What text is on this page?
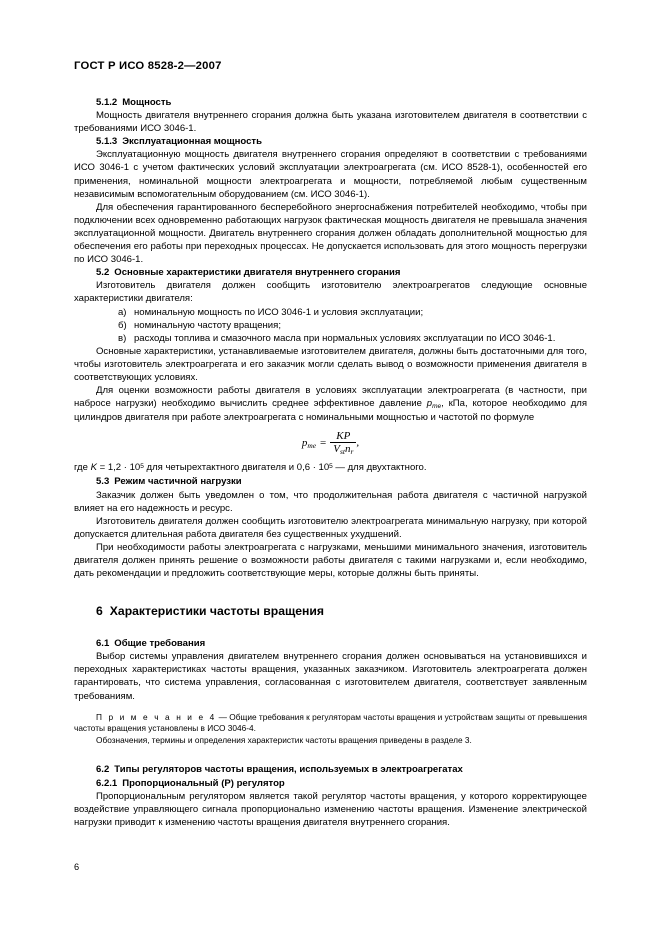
ГОСТ Р ИСО 8528-2—2007
5.1.2 Мощность

Мощность двигателя внутреннего сгорания должна быть указана изготовителем двигателя в соответствии с требованиями ИСО 3046-1.

5.1.3 Эксплуатационная мощность

Эксплуатационную мощность двигателя внутреннего сгорания определяют в соответствии с требованиями ИСО 3046-1 с учетом фактических условий эксплуатации электроагрегата (см. ИСО 8528-1), особенностей его применения, номинальной мощности электроагрегата и мощности, потребляемой любым существенным независимым вспомогательным оборудованием (см. ИСО 3046-1).

Для обеспечения гарантированного бесперебойного энергоснабжения потребителей необходимо, чтобы при подключении всех одновременно работающих нагрузок фактическая мощность двигателя не превышала значения эксплуатационной мощности. Двигатель внутреннего сгорания должен обладать дополнительной мощностью для обеспечения его работы при переходных процессах. Не допускается использовать для этого мощность перегрузки по ИСО 3046-1.

5.2 Основные характеристики двигателя внутреннего сгорания

Изготовитель двигателя должен сообщить изготовителю электроагрегатов следующие основные характеристики двигателя:

а) номинальную мощность по ИСО 3046-1 и условия эксплуатации;
б) номинальную частоту вращения;
в) расходы топлива и смазочного масла при нормальных условиях эксплуатации по ИСО 3046-1.

Основные характеристики, устанавливаемые изготовителем двигателя, должны быть достаточными для того, чтобы изготовитель электроагрегата и его заказчик могли сделать вывод о возможности применения двигателя в соответствующих условиях.

Для оценки возможности работы двигателя в условиях эксплуатации электроагрегата (в частности, при набросе нагрузки) необходимо вычислить среднее эффективное давление $p_{me}$, кПа, которое необходимо для цилиндров двигателя при работе электроагрегата с номинальными мощностью и частотой по формуле

$p_{me} = \frac{KP}{V_{st}n_r}$ ,

где $K = 1,2 \cdot 10^5$ для четырехтактного двигателя и $0,6 \cdot 10^5$ — для двухтактного.

5.3 Режим частичной нагрузки

Заказчик должен быть уведомлен о том, что продолжительная работа двигателя с частичной нагрузкой влияет на его надежность и ресурс.

Изготовитель двигателя должен сообщить изготовителю электроагрегата минимальную нагрузку, при которой допускается длительная работа двигателя без существенных ухудшений.

При необходимости работы электроагрегата с нагрузками, меньшими минимального значения, изготовитель двигателя должен принять решение о возможности работы двигателя с такими нагрузками и, если необходимо, дать рекомендации и предложить соответствующие меры, которые должны быть приняты.

6 Характеристики частоты вращения
6.1 Общие требования

Выбор системы управления двигателем внутреннего сгорания должен основываться на установившихся и переходных характеристиках частоты вращения, указанных заказчиком. Изготовитель электроагрегата должен гарантировать, что система управления, согласованная с изготовителем двигателя, соответствует заявленным требованиям.

П р и м е ч а н и е 4 — Общие требования к регуляторам частоты вращения и устройствам защиты от превышения частоты вращения установлены в ИСО 3046-4.

Обозначения, термины и определения характеристик частоты вращения приведены в разделе 3.

6.2 Типы регуляторов частоты вращения, используемых в электроагрегатах
6.2.1 Пропорциональный (Р) регулятор

Пропорциональным регулятором является такой регулятор частоты вращения, у которого корректирующее воздействие управляющего сигнала пропорционально изменению частоты вращения. Изменение электрической нагрузки приводит к изменению частоты вращения двигателя внутреннего сгорания.

6
